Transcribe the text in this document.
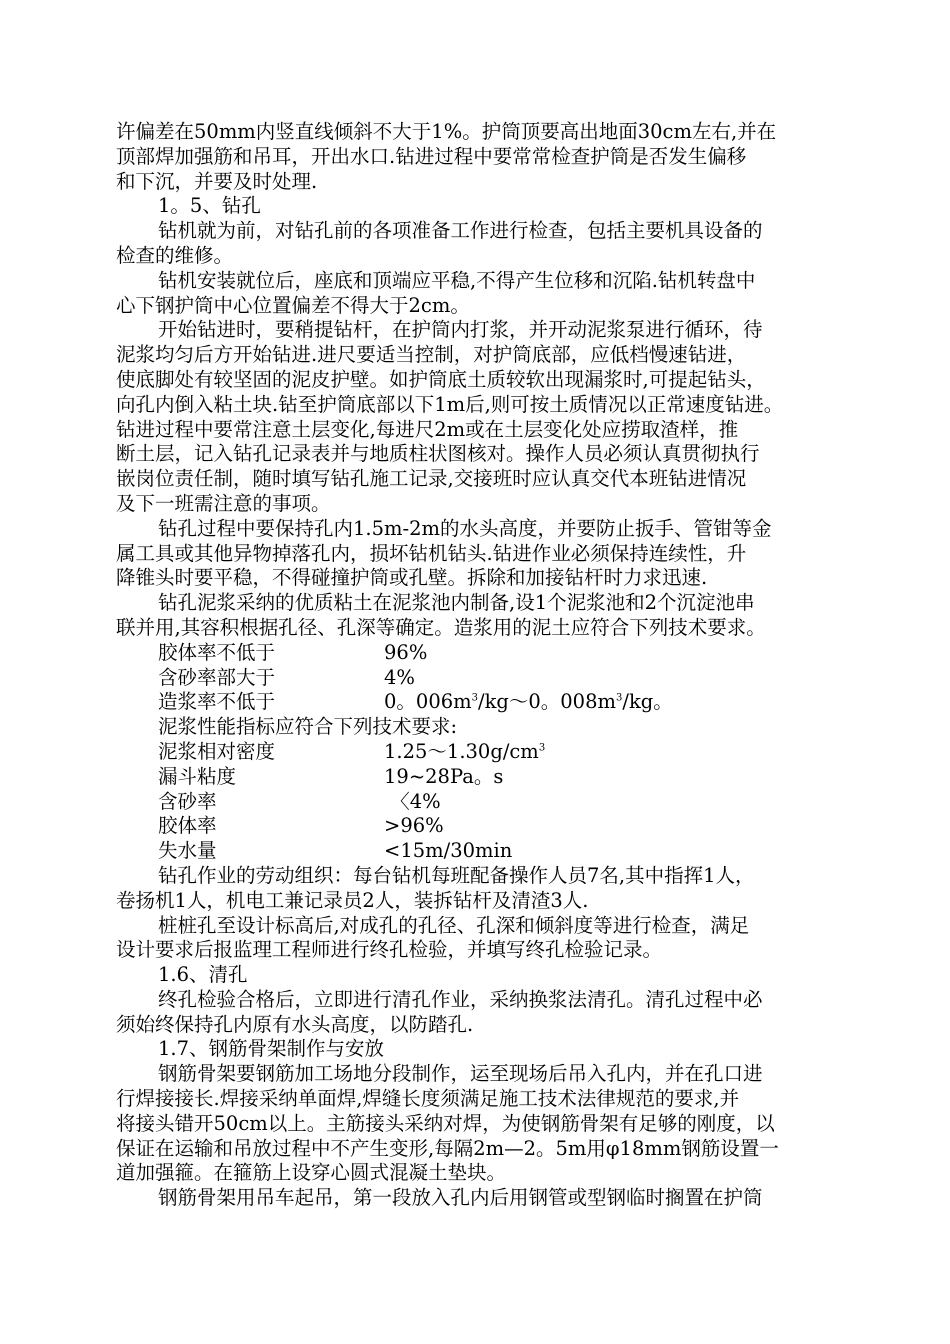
许偏差在50mm内竖直线倾斜不大于1%。护筒顶要高出地面30cm左右,并在
顶部焊加强筋和吊耳，开出水口.钻进过程中要常常检查护筒是否发生偏移
和下沉，并要及时处理.
1。5、钻孔
钻机就为前，对钻孔前的各项准备工作进行检查，包括主要机具设备的
检查的维修。
钻机安装就位后，座底和顶端应平稳,不得产生位移和沉陷.钻机转盘中
心下钢护筒中心位置偏差不得大于2cm。
开始钻进时，要稍提钻杆，在护筒内打浆，并开动泥浆泵进行循环，待
泥浆均匀后方开始钻进.进尺要适当控制，对护筒底部，应低档慢速钻进，
使底脚处有较坚固的泥皮护壁。如护筒底土质较软出现漏浆时,可提起钻头，
向孔内倒入粘土块.钻至护筒底部以下1m后,则可按土质情况以正常速度钻进。
钻进过程中要常注意土层变化,每进尺2m或在土层变化处应捞取渣样，推
断土层，记入钻孔记录表并与地质柱状图核对。操作人员必须认真贯彻执行
嵌岗位责任制，随时填写钻孔施工记录,交接班时应认真交代本班钻进情况
及下一班需注意的事项。
钻孔过程中要保持孔内1.5m-2m的水头高度，并要防止扳手、管钳等金
属工具或其他异物掉落孔内，损坏钻机钻头.钻进作业必须保持连续性，升
降锥头时要平稳，不得碰撞护筒或孔壁。拆除和加接钻杆时力求迅速.
钻孔泥浆采纳的优质粘土在泥浆池内制备,设1个泥浆池和2个沉淀池串
联并用,其容积根据孔径、孔深等确定。造浆用的泥土应符合下列技术要求。
胶体率不低于	96%
含砂率部大于	4%
造浆率不低于	0。$006m^3/kg\sim 0$。$008m^3/kg$。
泥浆性能指标应符合下列技术要求:
泥浆相对密度	$1.25\sim 1.30g/cm^3$
漏斗粘度	19~28Pa。s
含砂率	〈4%
胶体率	>96%
失水量	<15m/30min
钻孔作业的劳动组织：每台钻机每班配备操作人员7名,其中指挥1人，
卷扬机1人，机电工兼记录员2人，装拆钻杆及清渣3人.
桩桩孔至设计标高后,对成孔的孔径、孔深和倾斜度等进行检查，满足
设计要求后报监理工程师进行终孔检验，并填写终孔检验记录。
1.6、清孔
终孔检验合格后，立即进行清孔作业，采纳换浆法清孔。清孔过程中必
须始终保持孔内原有水头高度，以防踏孔.
1.7、钢筋骨架制作与安放
钢筋骨架要钢筋加工场地分段制作，运至现场后吊入孔内，并在孔口进
行焊接接长.焊接采纳单面焊,焊缝长度须满足施工技术法律规范的要求,并
将接头错开50cm以上。主筋接头采纳对焊，为使钢筋骨架有足够的刚度，以
保证在运输和吊放过程中不产生变形,每隔2m—2。5m用φ18mm钢筋设置一
道加强箍。在箍筋上设穿心圆式混凝土垫块。
钢筋骨架用吊车起吊，第一段放入孔内后用钢管或型钢临时搁置在护筒
